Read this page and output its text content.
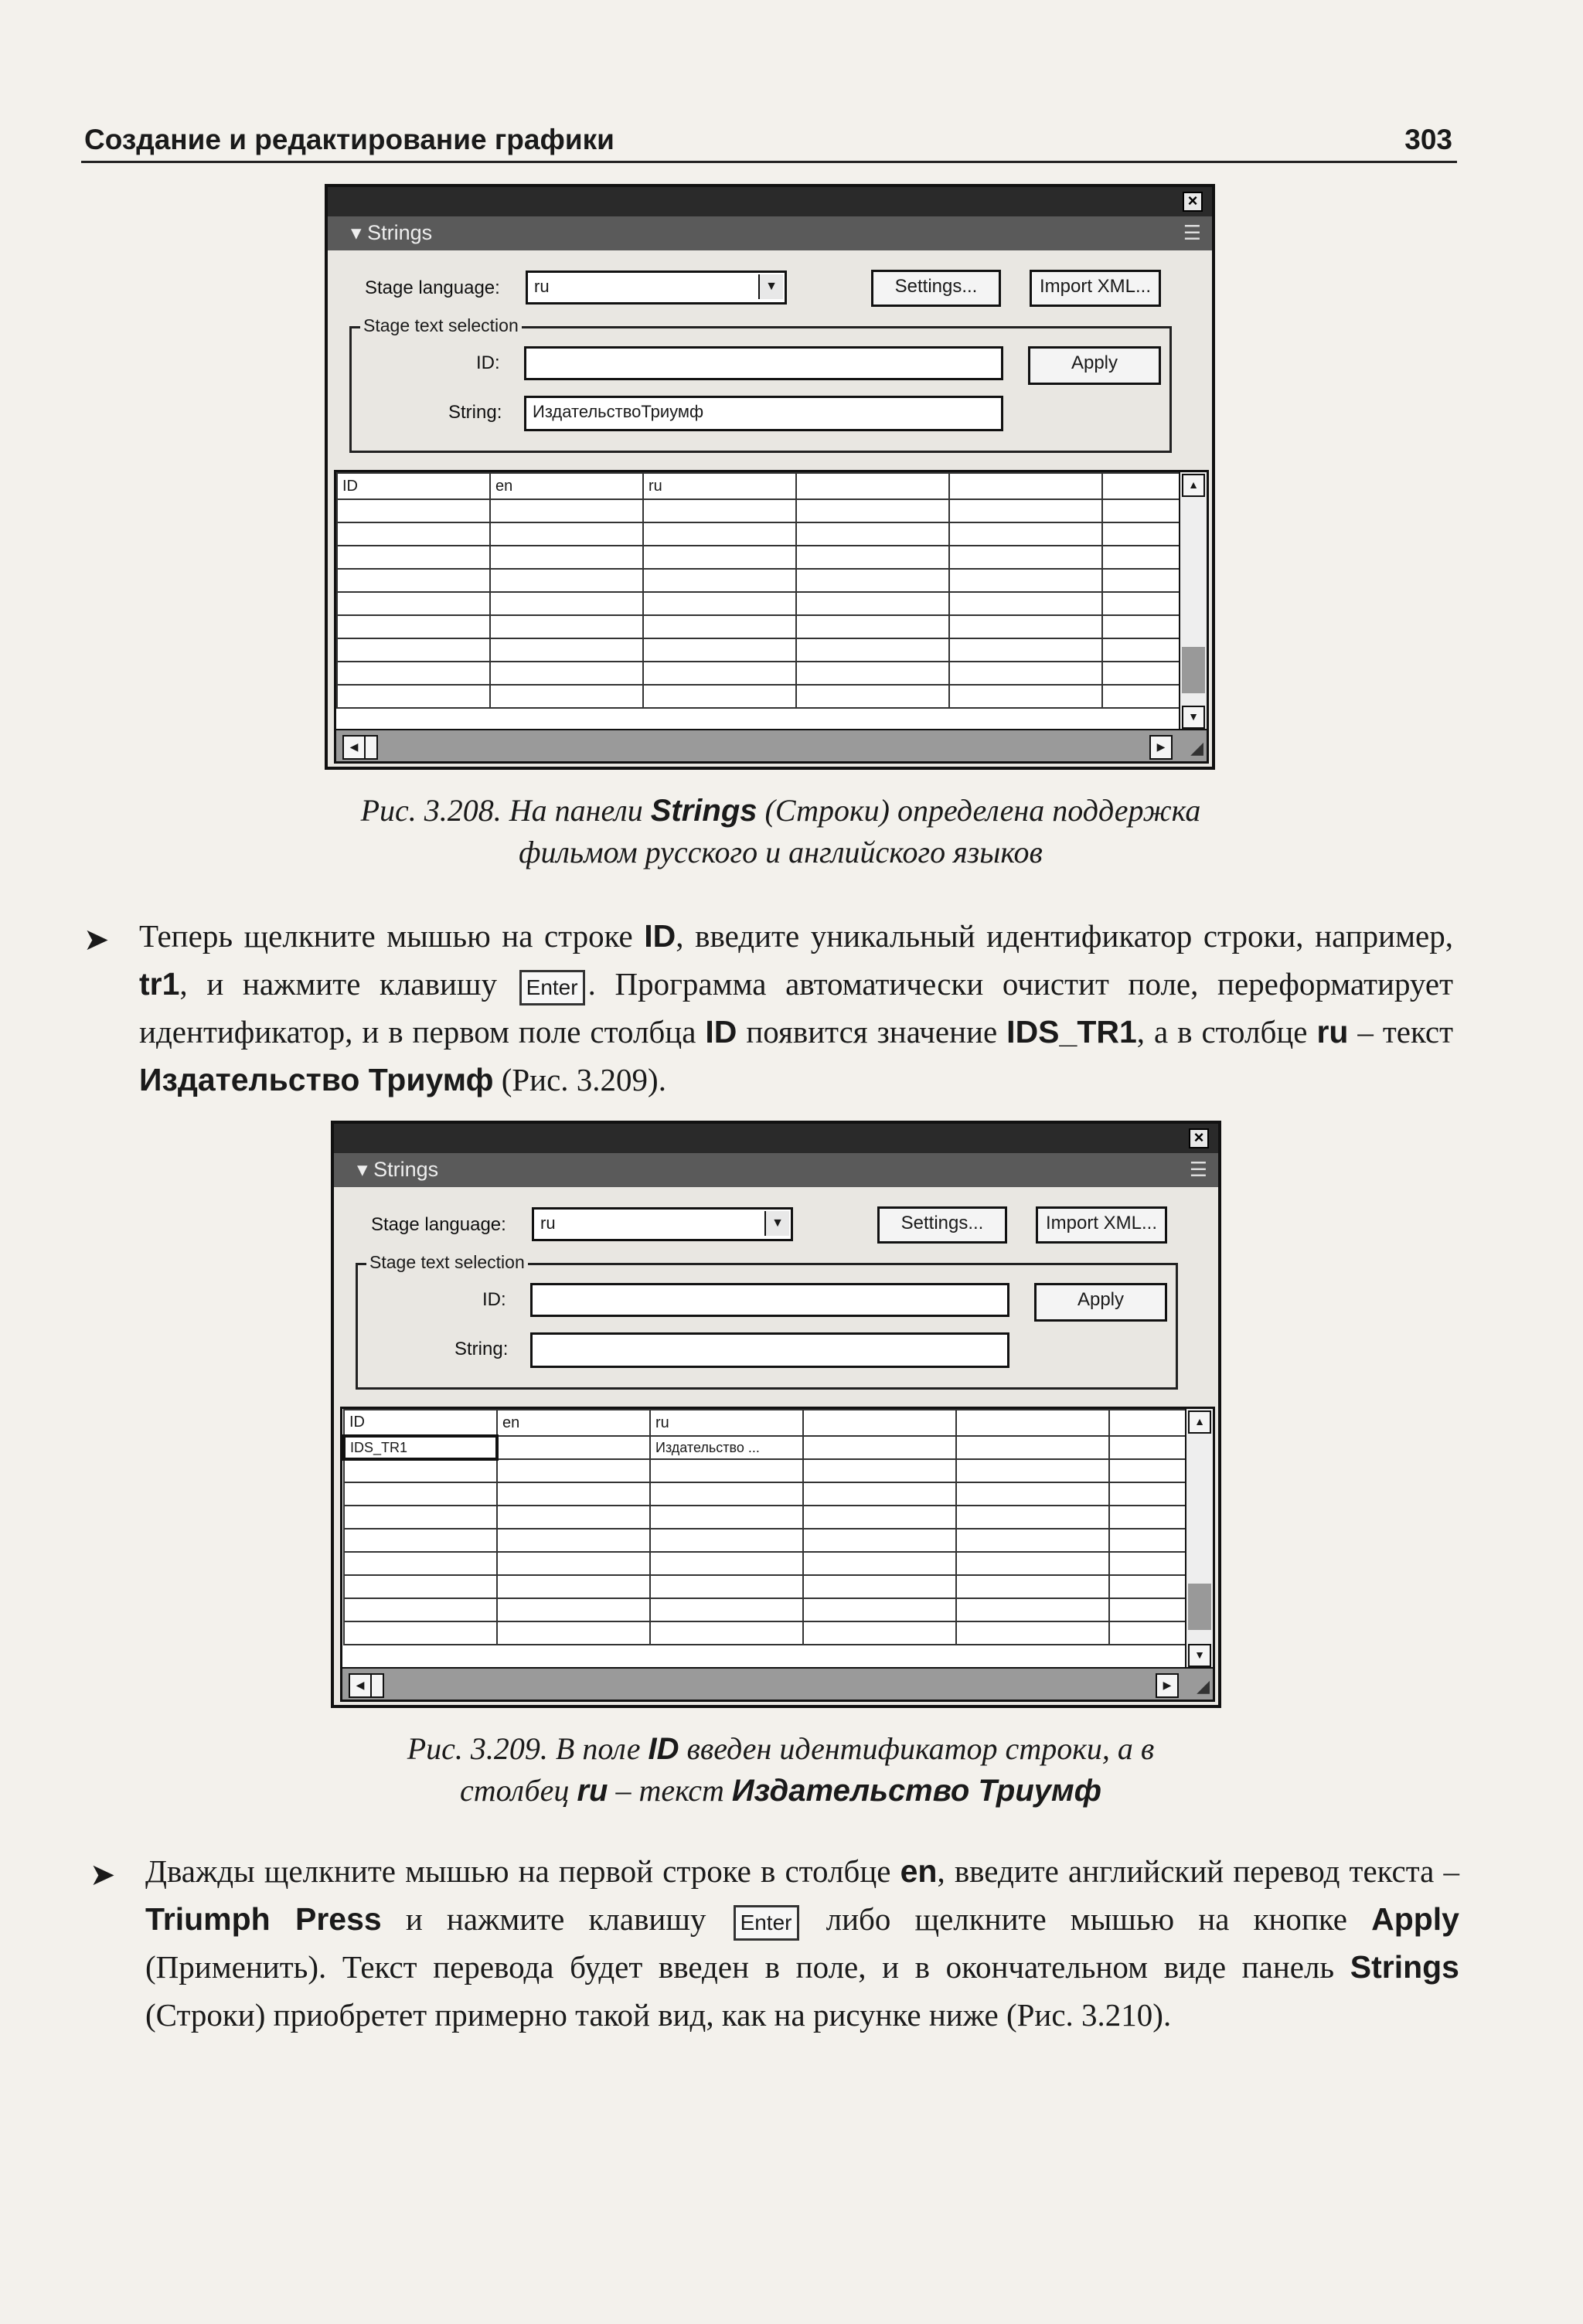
Создание и редактирование графики	303
×
▾ Strings	☰
Stage language:	ru	▼	Settings...	Import XML...
Stage text selection
ID:	Apply
String:	ИздательствоТриумф
ID	en	ru			

						▲
▼
◀	▶	◢
Рис. 3.208. На панели Strings (Строки) определена поддержка
фильмом русского и английского языков
➤ Теперь щелкните мышью на строке ID, введите уникальный идентификатор строки, например, tr1, и нажмите клавишу Enter . Программа автоматически очистит поле, переформатирует идентификатор, и в первом поле столбца ID появится значение IDS_TR1, а в столбце ru – текст Издательство Триумф (Рис. 3.209).
×
▾ Strings	☰
Stage language:	ru	▼	Settings...	Import XML...
Stage text selection
ID:	Apply
String:
ID	en	ru			
IDS_TR1		Издательство ...			

▲
▼
◀	▶	◢
Рис. 3.209. В поле ID введен идентификатор строки, а в
столбец ru – текст Издательство Триумф
➤ Дважды щелкните мышью на первой строке в столбце en, введите английский перевод текста – Triumph Press и нажмите клавишу Enter либо щелкните мышью на кнопке Apply (Применить). Текст перевода будет введен в поле, и в окончательном виде панель Strings (Строки) приобретет примерно такой вид, как на рисунке ниже (Рис. 3.210).
